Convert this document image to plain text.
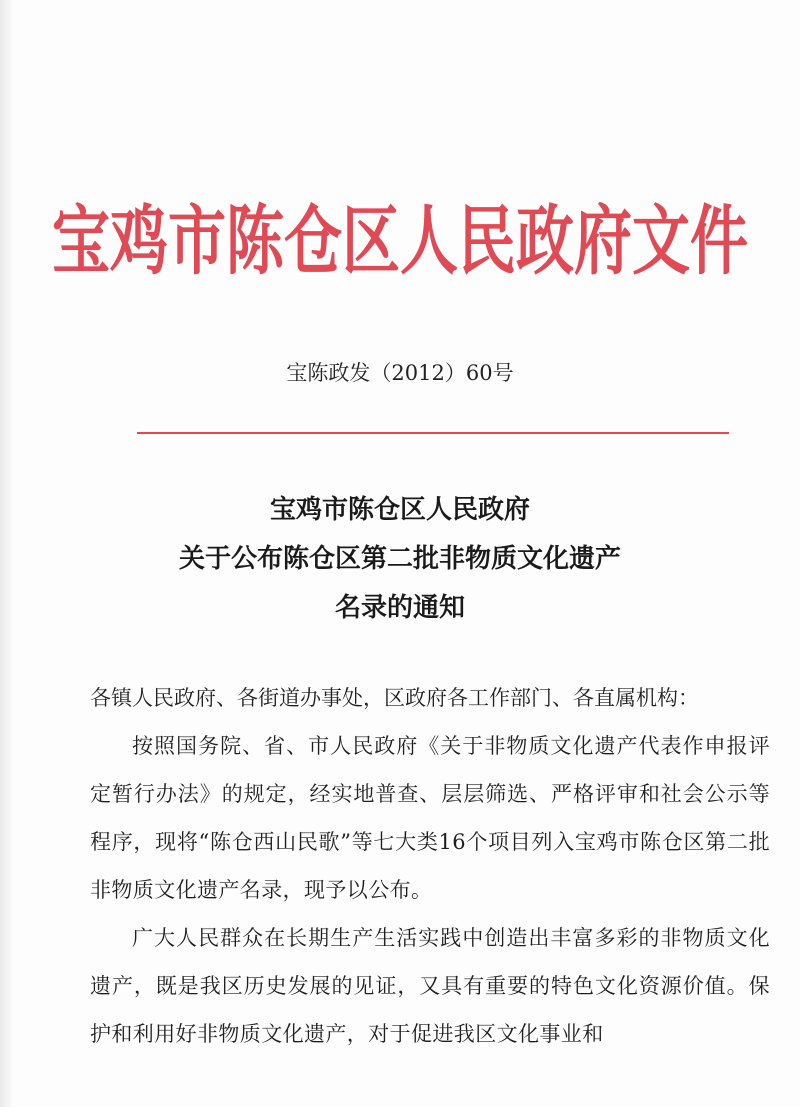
宝鸡市陈仓区人民政府文件
宝陈政发（2012）60号
宝鸡市陈仓区人民政府
关于公布陈仓区第二批非物质文化遗产
名录的通知
各镇人民政府、各街道办事处，区政府各工作部门、各直属机构：
按照国务院、省、市人民政府《关于非物质文化遗产代表作申报评定暂行办法》的规定，经实地普查、层层筛选、严格评审和社会公示等程序，现将“陈仓西山民歌”等七大类16个项目列入宝鸡市陈仓区第二批非物质文化遗产名录，现予以公布。
广大人民群众在长期生产生活实践中创造出丰富多彩的非物质文化遗产，既是我区历史发展的见证，又具有重要的特色文化资源价值。保护和利用好非物质文化遗产，对于促进我区文化事业和
